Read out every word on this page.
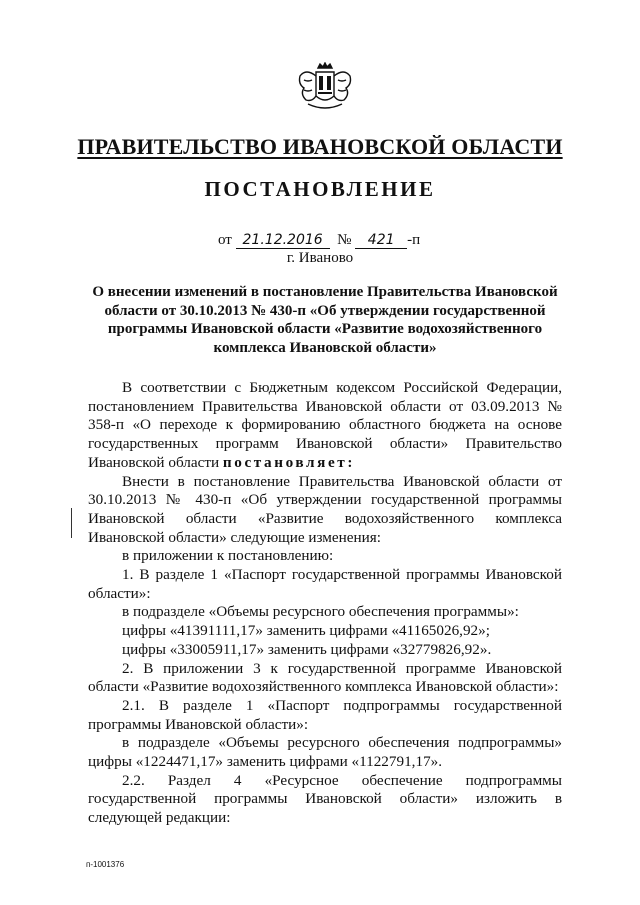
ПРАВИТЕЛЬСТВО ИВАНОВСКОЙ ОБЛАСТИ
ПОСТАНОВЛЕНИЕ
от 21.12.2016 № 421 -п
г. Иваново
О внесении изменений в постановление Правительства Ивановской области от 30.10.2013 № 430-п «Об утверждении государственной программы Ивановской области «Развитие водохозяйственного комплекса Ивановской области»

В соответствии с Бюджетным кодексом Российской Федерации, постановлением Правительства Ивановской области от 03.09.2013 № 358-п «О переходе к формированию областного бюджета на основе государственных программ Ивановской области» Правительство Ивановской области постановляет:

Внести в постановление Правительства Ивановской области от 30.10.2013 № 430-п «Об утверждении государственной программы Ивановской области «Развитие водохозяйственного комплекса Ивановской области» следующие изменения:

в приложении к постановлению:

1. В разделе 1 «Паспорт государственной программы Ивановской области»:

в подразделе «Объемы ресурсного обеспечения программы»:

цифры «41391111,17» заменить цифрами «41165026,92»;

цифры «33005911,17» заменить цифрами «32779826,92».

2. В приложении 3 к государственной программе Ивановской области «Развитие водохозяйственного комплекса Ивановской области»:

2.1. В разделе 1 «Паспорт подпрограммы государственной программы Ивановской области»:

в подразделе «Объемы ресурсного обеспечения подпрограммы» цифры «1224471,17» заменить цифрами «1122791,17».

2.2. Раздел 4 «Ресурсное обеспечение подпрограммы государственной программы Ивановской области» изложить в следующей редакции:

п-1001376
